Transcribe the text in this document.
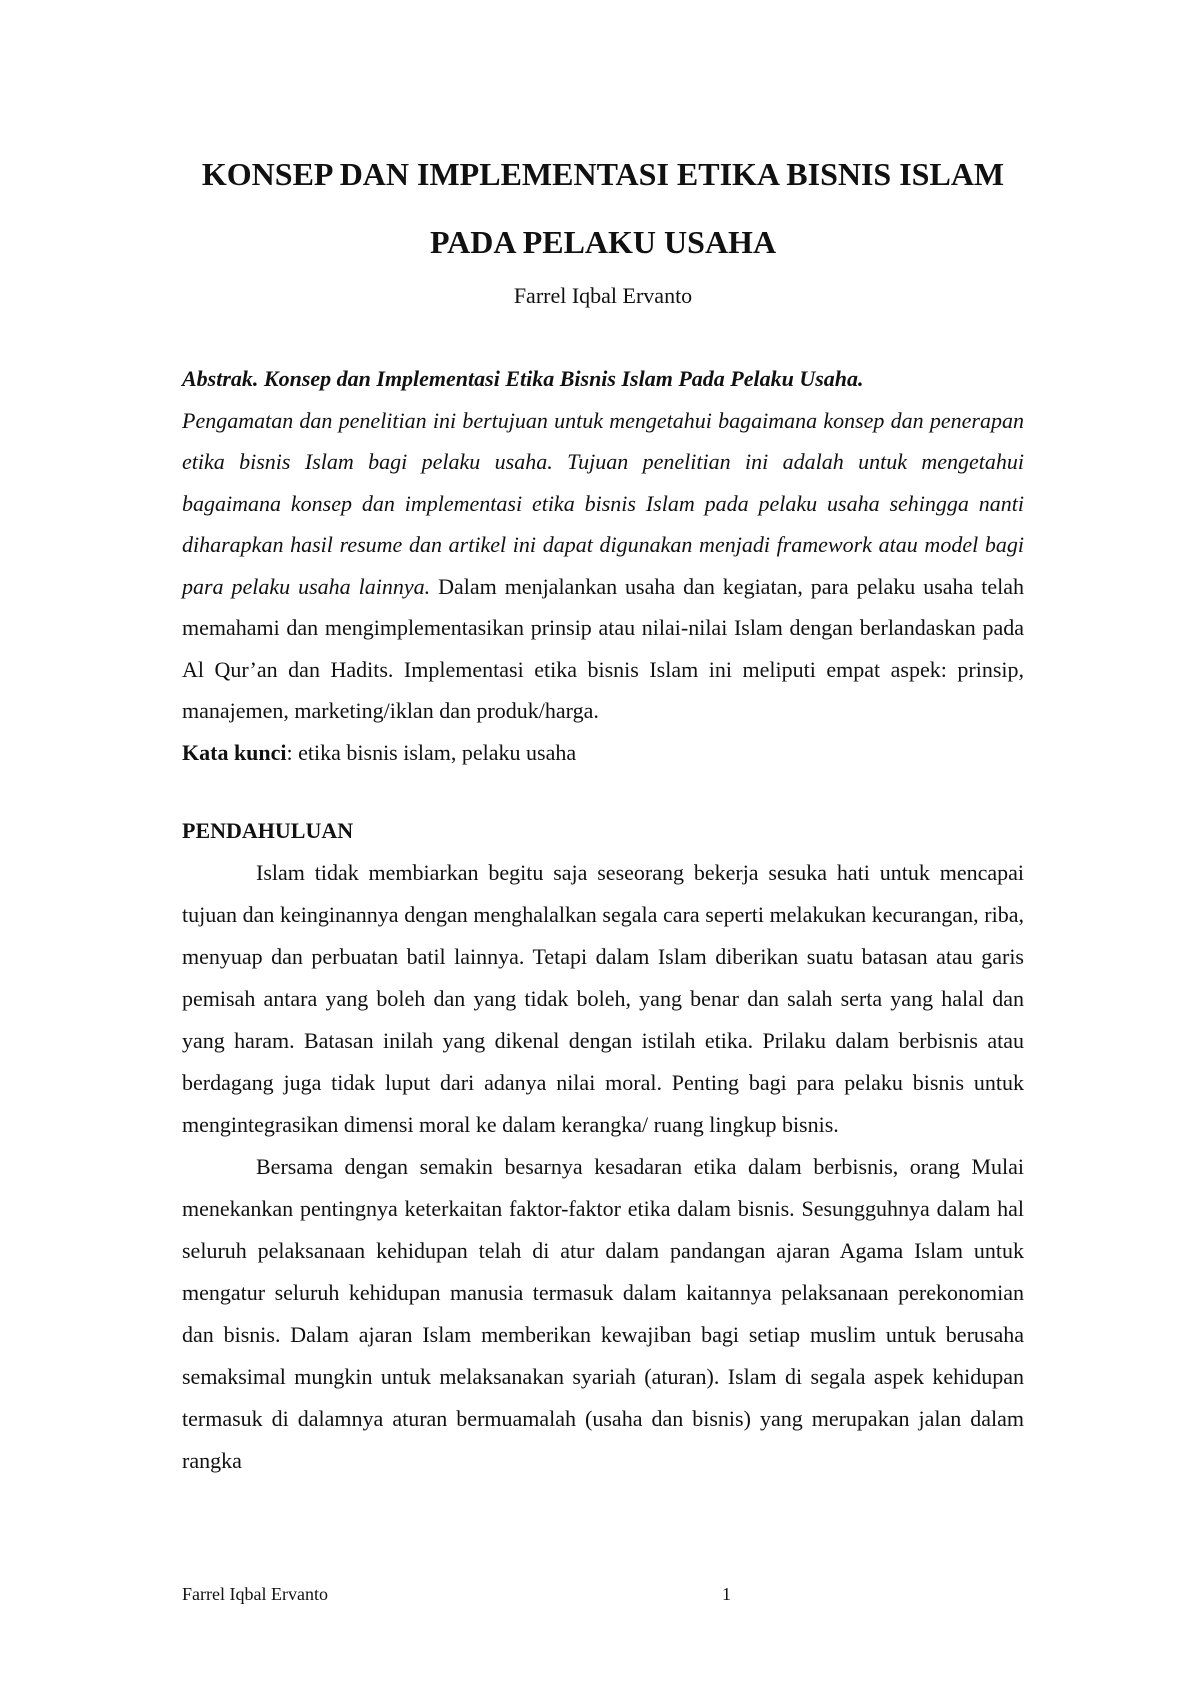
KONSEP DAN IMPLEMENTASI ETIKA BISNIS ISLAM
PADA PELAKU USAHA

Farrel Iqbal Ervanto

Abstrak. Konsep dan Implementasi Etika Bisnis Islam Pada Pelaku Usaha.
Pengamatan dan penelitian ini bertujuan untuk mengetahui bagaimana konsep dan penerapan etika bisnis Islam bagi pelaku usaha. Tujuan penelitian ini adalah untuk mengetahui bagaimana konsep dan implementasi etika bisnis Islam pada pelaku usaha sehingga nanti diharapkan hasil resume dan artikel ini dapat digunakan menjadi framework atau model bagi para pelaku usaha lainnya. Dalam menjalankan usaha dan kegiatan, para pelaku usaha telah memahami dan mengimplementasikan prinsip atau nilai-nilai Islam dengan berlandaskan pada Al Qur’an dan Hadits. Implementasi etika bisnis Islam ini meliputi empat aspek: prinsip, manajemen, marketing/iklan dan produk/harga.

Kata kunci: etika bisnis islam, pelaku usaha

PENDAHULUAN

Islam tidak membiarkan begitu saja seseorang bekerja sesuka hati untuk mencapai tujuan dan keinginannya dengan menghalalkan segala cara seperti melakukan kecurangan, riba, menyuap dan perbuatan batil lainnya. Tetapi dalam Islam diberikan suatu batasan atau garis pemisah antara yang boleh dan yang tidak boleh, yang benar dan salah serta yang halal dan yang haram. Batasan inilah yang dikenal dengan istilah etika. Prilaku dalam berbisnis atau berdagang juga tidak luput dari adanya nilai moral. Penting bagi para pelaku bisnis untuk mengintegrasikan dimensi moral ke dalam kerangka/ ruang lingkup bisnis.

Bersama dengan semakin besarnya kesadaran etika dalam berbisnis, orang Mulai menekankan pentingnya keterkaitan faktor-faktor etika dalam bisnis. Sesungguhnya dalam hal seluruh pelaksanaan kehidupan telah di atur dalam pandangan ajaran Agama Islam untuk mengatur seluruh kehidupan manusia termasuk dalam kaitannya pelaksanaan perekonomian dan bisnis. Dalam ajaran Islam memberikan kewajiban bagi setiap muslim untuk berusaha semaksimal mungkin untuk melaksanakan syariah (aturan). Islam di segala aspek kehidupan termasuk di dalamnya aturan bermuamalah (usaha dan bisnis) yang merupakan jalan dalam rangka

Farrel Iqbal Ervanto	1
